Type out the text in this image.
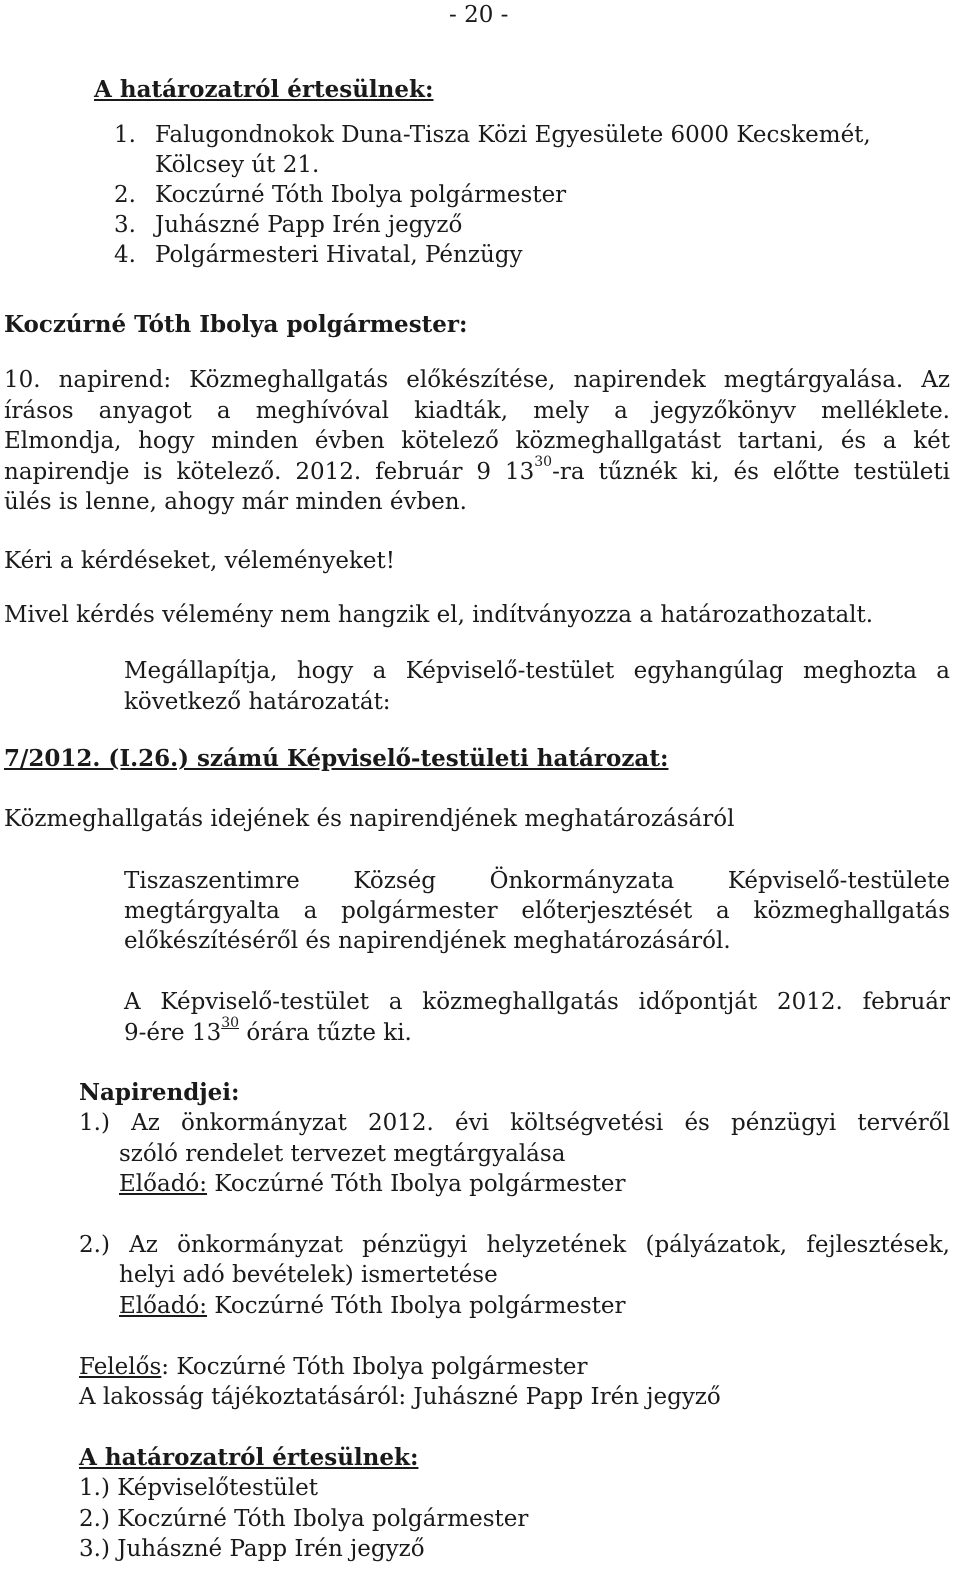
- 20 -
A határozatról értesülnek:
1. Falugondnokok Duna-Tisza Közi Egyesülete 6000 Kecskemét,
Kölcsey út 21.
2. Koczúrné Tóth Ibolya polgármester
3. Juhászné Papp Irén jegyző
4. Polgármesteri Hivatal, Pénzügy
Koczúrné Tóth Ibolya polgármester:
10. napirend: Közmeghallgatás előkészítése, napirendek megtárgyalása. Az
írásos anyagot a meghívóval kiadták, mely a jegyzőkönyv melléklete.
Elmondja, hogy minden évben kötelező közmeghallgatást tartani, és a két
napirendje is kötelező. 2012. február 9 $13^{30}-ra$ tűznék ki, és előtte testületi
ülés is lenne, ahogy már minden évben.
Kéri a kérdéseket, véleményeket!
Mivel kérdés vélemény nem hangzik el, indítványozza a határozathozatalt.
Megállapítja, hogy a Képviselő-testület egyhangúlag meghozta a
következő határozatát:
7/2012. (I.26.) számú Képviselő-testületi határozat:
Közmeghallgatás idejének és napirendjének meghatározásáról
Tiszaszentimre Község Önkormányzata Képviselő-testülete
megtárgyalta a polgármester előterjesztését a közmeghallgatás
előkészítéséről és napirendjének meghatározásáról.
A Képviselő-testület a közmeghallgatás időpontját 2012. február
9-ére $13^{30}$ órára tűzte ki.
Napirendjei:
1.) Az önkormányzat 2012. évi költségvetési és pénzügyi tervéről
szóló rendelet tervezet megtárgyalása
Előadó: Koczúrné Tóth Ibolya polgármester
2.) Az önkormányzat pénzügyi helyzetének (pályázatok, fejlesztések,
helyi adó bevételek) ismertetése
Előadó: Koczúrné Tóth Ibolya polgármester
Felelős: Koczúrné Tóth Ibolya polgármester
A lakosság tájékoztatásáról: Juhászné Papp Irén jegyző
A határozatról értesülnek:
1.) Képviselőtestület
2.) Koczúrné Tóth Ibolya polgármester
3.) Juhászné Papp Irén jegyző
